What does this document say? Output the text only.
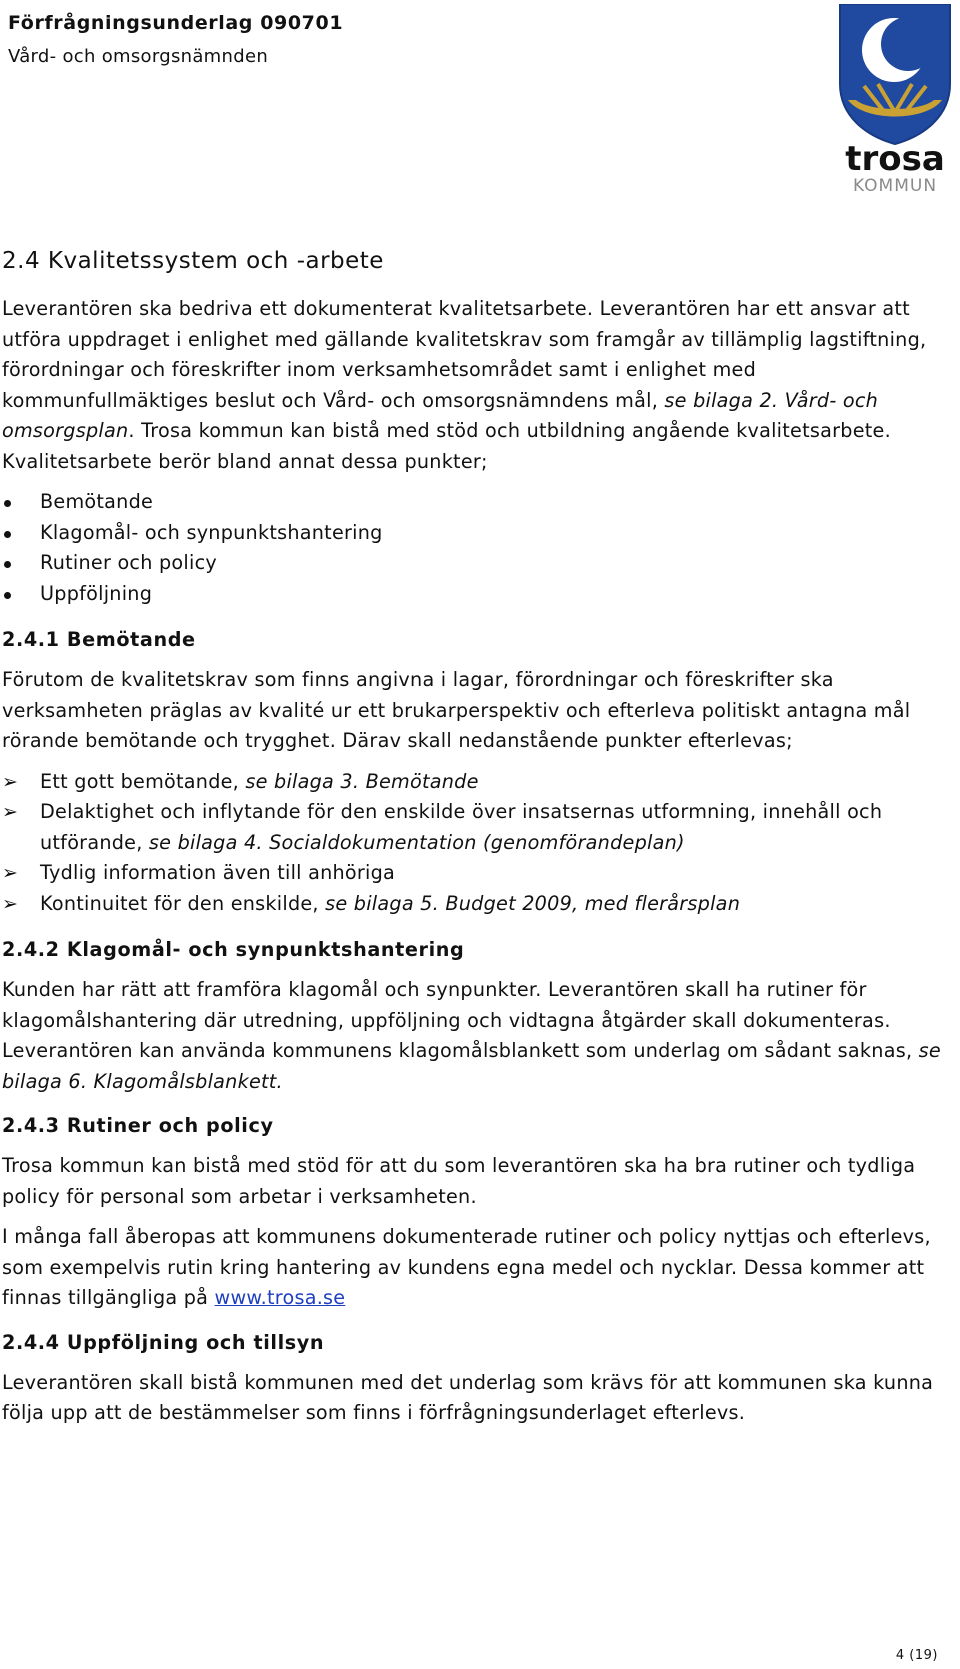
Förfrågningsunderlag 090701
Vård- och omsorgsnämnden
trosa
KOMMUN
2.4 Kvalitetssystem och -arbete

Leverantören ska bedriva ett dokumenterat kvalitetsarbete. Leverantören har ett ansvar att utföra uppdraget i enlighet med gällande kvalitetskrav som framgår av tillämplig lagstiftning, förordningar och föreskrifter inom verksamhetsområdet samt i enlighet med kommunfullmäktiges beslut och Vård- och omsorgsnämndens mål, se bilaga 2. Vård- och omsorgsplan. Trosa kommun kan bistå med stöd och utbildning angående kvalitetsarbete. Kvalitetsarbete berör bland annat dessa punkter;

Bemötande
Klagomål- och synpunktshantering
Rutiner och policy
Uppföljning
2.4.1 Bemötande

Förutom de kvalitetskrav som finns angivna i lagar, förordningar och föreskrifter ska verksamheten präglas av kvalité ur ett brukarperspektiv och efterleva politiskt antagna mål rörande bemötande och trygghet. Därav skall nedanstående punkter efterlevas;

➢ Ett gott bemötande, se bilaga 3. Bemötande
➢ Delaktighet och inflytande för den enskilde över insatsernas utformning, innehåll och utförande, se bilaga 4. Socialdokumentation (genomförandeplan)
➢ Tydlig information även till anhöriga
➢ Kontinuitet för den enskilde, se bilaga 5. Budget 2009, med flerårsplan
2.4.2 Klagomål- och synpunktshantering

Kunden har rätt att framföra klagomål och synpunkter. Leverantören skall ha rutiner för klagomålshantering där utredning, uppföljning och vidtagna åtgärder skall dokumenteras. Leverantören kan använda kommunens klagomålsblankett som underlag om sådant saknas, se bilaga 6. Klagomålsblankett.

2.4.3 Rutiner och policy

Trosa kommun kan bistå med stöd för att du som leverantören ska ha bra rutiner och tydliga policy för personal som arbetar i verksamheten.

I många fall åberopas att kommunens dokumenterade rutiner och policy nyttjas och efterlevs, som exempelvis rutin kring hantering av kundens egna medel och nycklar. Dessa kommer att finnas tillgängliga på www.trosa.se

2.4.4 Uppföljning och tillsyn

Leverantören skall bistå kommunen med det underlag som krävs för att kommunen ska kunna följa upp att de bestämmelser som finns i förfrågningsunderlaget efterlevs.

4 (19)
